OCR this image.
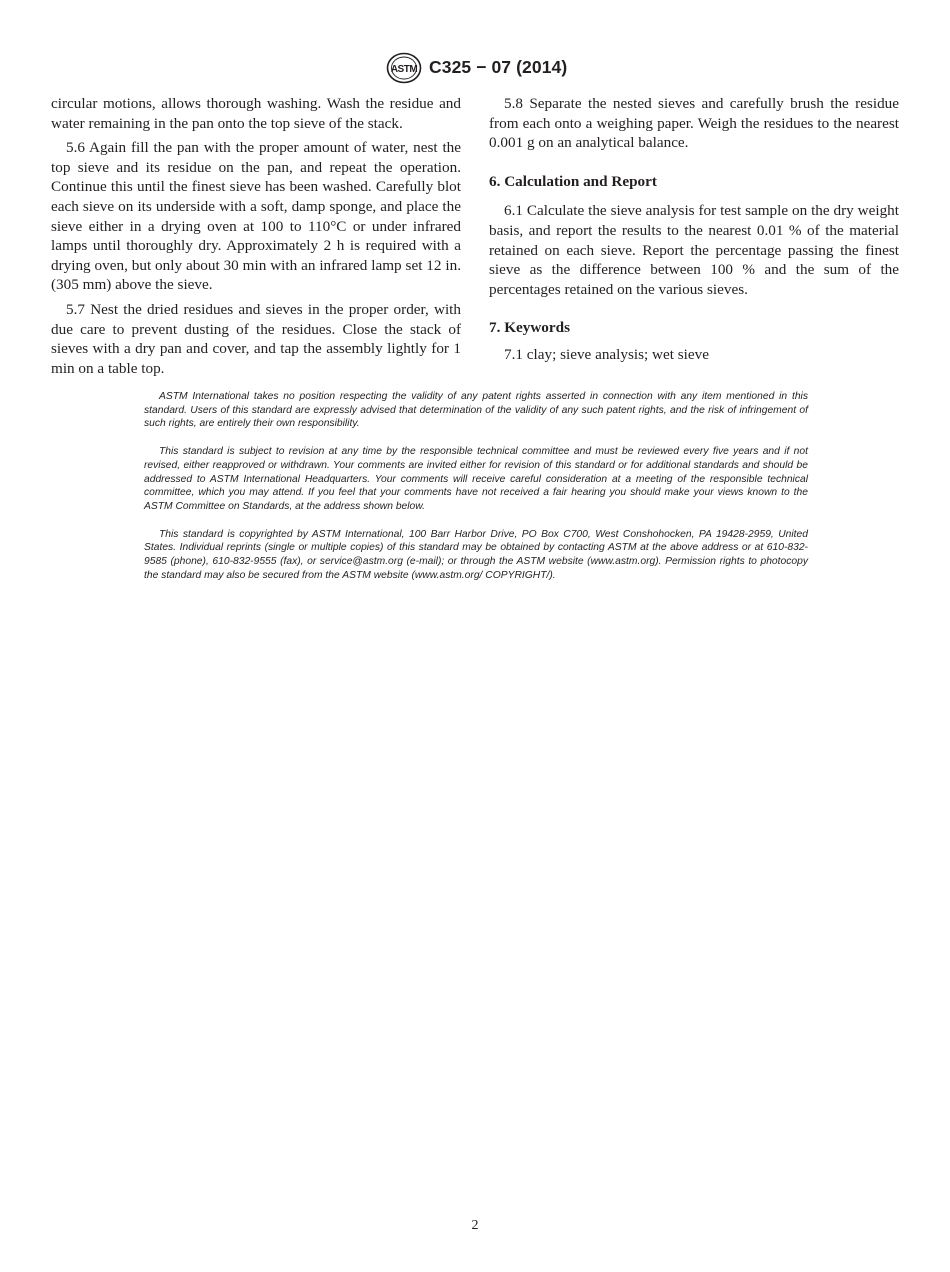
ASTM C325 − 07 (2014)

circular motions, allows thorough washing. Wash the residue and water remaining in the pan onto the top sieve of the stack.

5.6 Again fill the pan with the proper amount of water, nest the top sieve and its residue on the pan, and repeat the operation. Continue this until the finest sieve has been washed. Carefully blot each sieve on its underside with a soft, damp sponge, and place the sieve either in a drying oven at 100 to 110°C or under infrared lamps until thoroughly dry. Approximately 2 h is required with a drying oven, but only about 30 min with an infrared lamp set 12 in. (305 mm) above the sieve.

5.7 Nest the dried residues and sieves in the proper order, with due care to prevent dusting of the residues. Close the stack of sieves with a dry pan and cover, and tap the assembly lightly for 1 min on a table top.

5.8 Separate the nested sieves and carefully brush the residue from each onto a weighing paper. Weigh the residues to the nearest 0.001 g on an analytical balance.

6. Calculation and Report

6.1 Calculate the sieve analysis for test sample on the dry weight basis, and report the results to the nearest 0.01 % of the material retained on each sieve. Report the percentage passing the finest sieve as the difference between 100 % and the sum of the percentages retained on the various sieves.

7. Keywords

7.1 clay; sieve analysis; wet sieve

ASTM International takes no position respecting the validity of any patent rights asserted in connection with any item mentioned in this standard. Users of this standard are expressly advised that determination of the validity of any such patent rights, and the risk of infringement of such rights, are entirely their own responsibility.

This standard is subject to revision at any time by the responsible technical committee and must be reviewed every five years and if not revised, either reapproved or withdrawn. Your comments are invited either for revision of this standard or for additional standards and should be addressed to ASTM International Headquarters. Your comments will receive careful consideration at a meeting of the responsible technical committee, which you may attend. If you feel that your comments have not received a fair hearing you should make your views known to the ASTM Committee on Standards, at the address shown below.

This standard is copyrighted by ASTM International, 100 Barr Harbor Drive, PO Box C700, West Conshohocken, PA 19428-2959, United States. Individual reprints (single or multiple copies) of this standard may be obtained by contacting ASTM at the above address or at 610-832-9585 (phone), 610-832-9555 (fax), or service@astm.org (e-mail); or through the ASTM website (www.astm.org). Permission rights to photocopy the standard may also be secured from the ASTM website (www.astm.org/ COPYRIGHT/).

2
